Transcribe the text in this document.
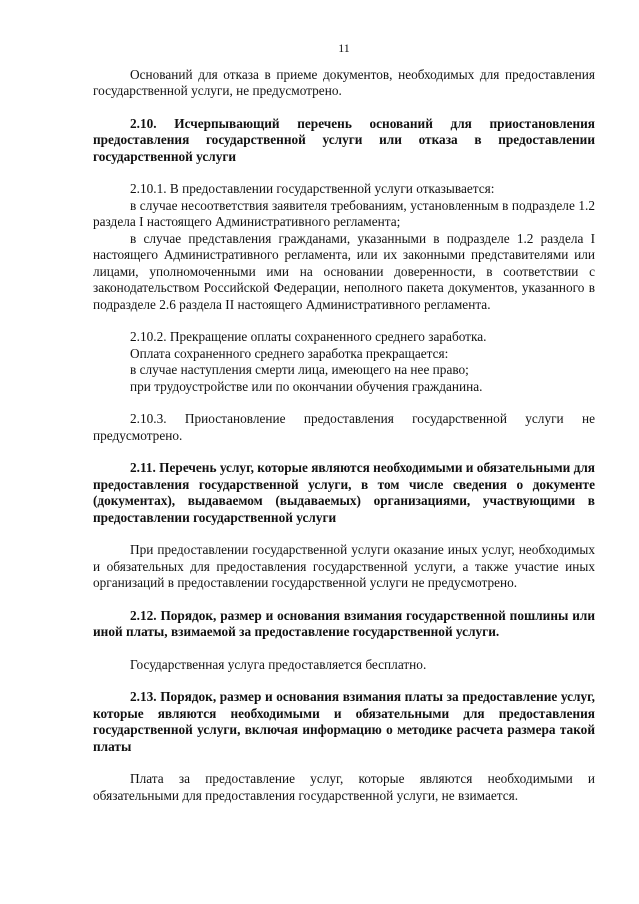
11

Оснований для отказа в приеме документов, необходимых для предоставления государственной услуги, не предусмотрено.

2.10. Исчерпывающий перечень оснований для приостановления предоставления государственной услуги или отказа в предоставлении государственной услуги

2.10.1. В предоставлении государственной услуги отказывается:

в случае несоответствия заявителя требованиям, установленным в подразделе 1.2 раздела I настоящего Административного регламента;

в случае представления гражданами, указанными в подразделе 1.2 раздела I настоящего Административного регламента, или их законными представителями или лицами, уполномоченными ими на основании доверенности, в соответствии с законодательством Российской Федерации, неполного пакета документов, указанного в подразделе 2.6 раздела II настоящего Административного регламента.

2.10.2. Прекращение оплаты сохраненного среднего заработка.

Оплата сохраненного среднего заработка прекращается:

в случае наступления смерти лица, имеющего на нее право;

при трудоустройстве или по окончании обучения гражданина.

2.10.3. Приостановление предоставления государственной услуги не предусмотрено.

2.11. Перечень услуг, которые являются необходимыми и обязательными для предоставления государственной услуги, в том числе сведения о документе (документах), выдаваемом (выдаваемых) организациями, участвующими в предоставлении государственной услуги

При предоставлении государственной услуги оказание иных услуг, необходимых и обязательных для предоставления государственной услуги, а также участие иных организаций в предоставлении государственной услуги не предусмотрено.

2.12. Порядок, размер и основания взимания государственной пошлины или иной платы, взимаемой за предоставление государственной услуги.

Государственная услуга предоставляется бесплатно.

2.13. Порядок, размер и основания взимания платы за предоставление услуг, которые являются необходимыми и обязательными для предоставления государственной услуги, включая информацию о методике расчета размера такой платы

Плата за предоставление услуг, которые являются необходимыми и обязательными для предоставления государственной услуги, не взимается.
